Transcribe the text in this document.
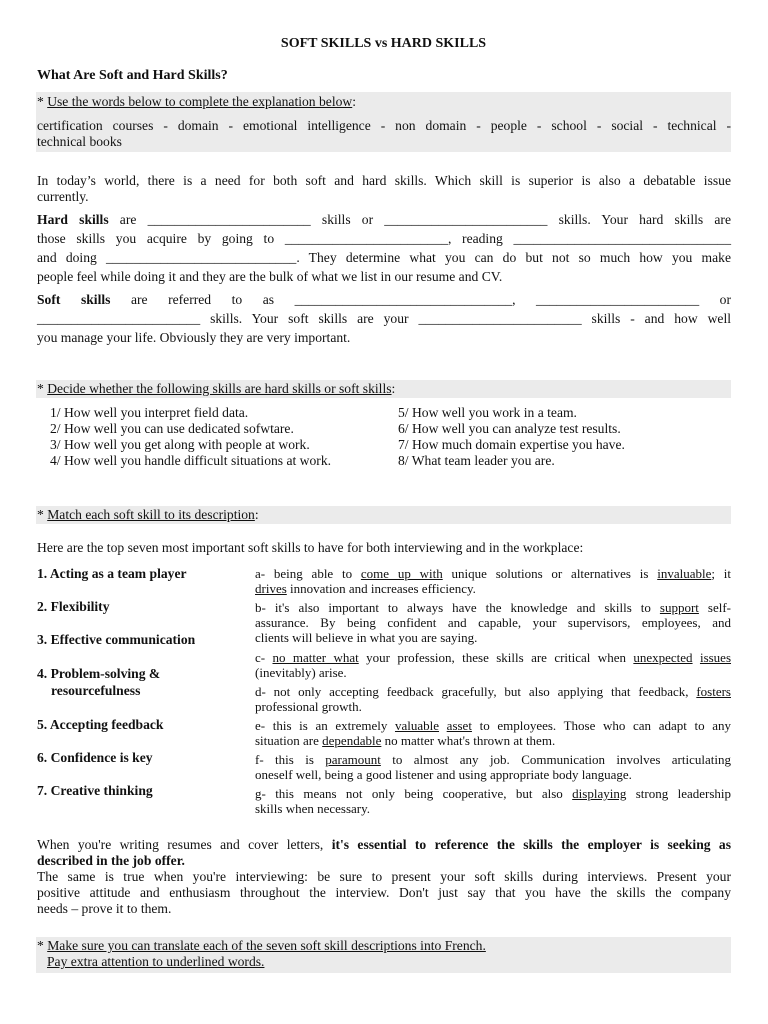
SOFT SKILLS vs HARD SKILLS
What Are Soft and Hard Skills?
* Use the words below to complete the explanation below:
certification courses - domain - emotional intelligence - non domain - people - school - social - technical -
technical books
In today’s world, there is a need for both soft and hard skills. Which skill is superior is also a debatable issue
currently.
Hard skills are ________________________ skills or ________________________ skills. Your hard skills are
those skills you acquire by going to ________________________, reading ________________________________
and doing ____________________________. They determine what you can do but not so much how you make
people feel while doing it and they are the bulk of what we list in our resume and CV.
Soft skills are referred to as ________________________________, ________________________ or
________________________ skills. Your soft skills are your ________________________ skills - and how well
you manage your life. Obviously they are very important.
* Decide whether the following skills are hard skills or soft skills:
1/ How well you interpret field data.
2/ How well you can use dedicated sofwtare.
3/ How well you get along with people at work.
4/ How well you handle difficult situations at work.
5/ How well you work in a team.
6/ How well you can analyze test results.
7/ How much domain expertise you have.
8/ What team leader you are.
* Match each soft skill to its description:
Here are the top seven most important soft skills to have for both interviewing and in the workplace:
1. Acting as a team player
2. Flexibility
3. Effective communication
4. Problem-solving &
resourcefulness
5. Accepting feedback
6. Confidence is key
7. Creative thinking
a- being able to come up with unique solutions or alternatives is invaluable; it
drives innovation and increases efficiency.
b- it's also important to always have the knowledge and skills to support self-
assurance. By being confident and capable, your supervisors, employees, and
clients will believe in what you are saying.
c- no matter what your profession, these skills are critical when unexpected issues
(inevitably) arise.
d- not only accepting feedback gracefully, but also applying that feedback, fosters
professional growth.
e- this is an extremely valuable asset to employees. Those who can adapt to any
situation are dependable no matter what's thrown at them.
f- this is paramount to almost any job. Communication involves articulating
oneself well, being a good listener and using appropriate body language.
g- this means not only being cooperative, but also displaying strong leadership
skills when necessary.
When you're writing resumes and cover letters, it's essential to reference the skills the employer is seeking as
described in the job offer.
The same is true when you're interviewing: be sure to present your soft skills during interviews. Present your
positive attitude and enthusiasm throughout the interview. Don't just say that you have the skills the company
needs – prove it to them.
* Make sure you can translate each of the seven soft skill descriptions into French.
Pay extra attention to underlined words.
